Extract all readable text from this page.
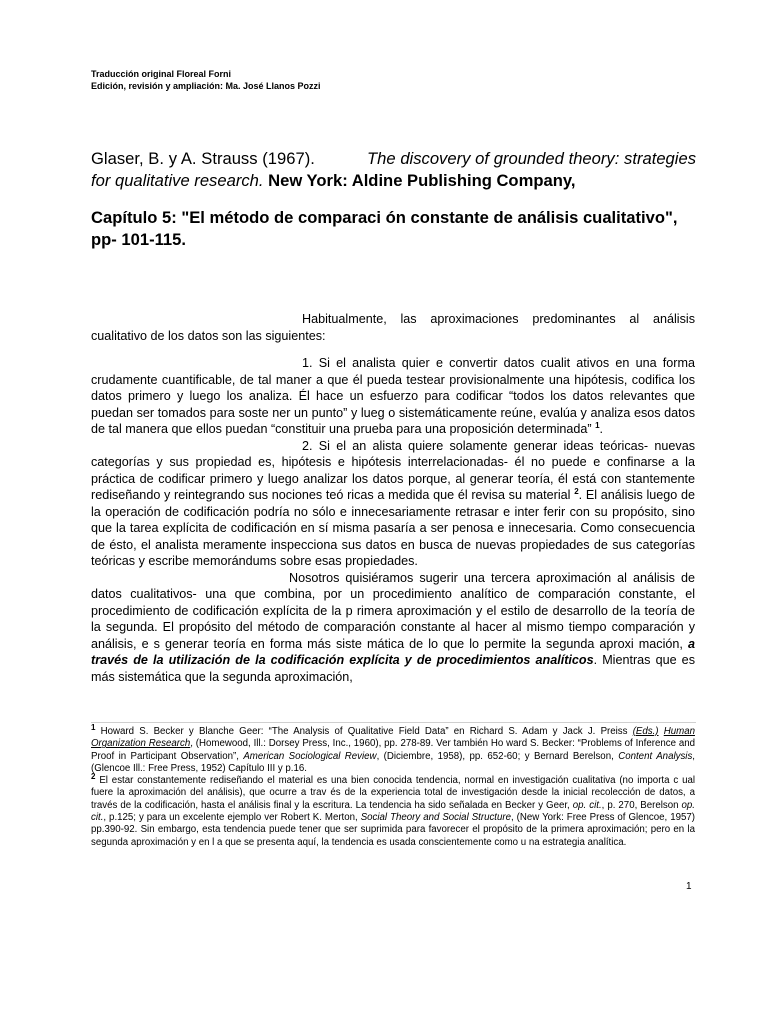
Traducción original Floreal Forni
Edición, revisión y ampliación: Ma. José Llanos Pozzi
Glaser, B. y A. Strauss (1967).	The discovery of grounded theory: strategies for qualitative research. New York: Aldine Publishing Company,
Capítulo 5: "El método de comparaci ón constante de análisis cualitativo",
pp- 101-115.

Habitualmente, las aproximaciones predominantes al análisis cualitativo de los datos son las siguientes:

1. Si el analista quier e convertir datos cualit ativos en una forma crudamente cuantificable, de tal maner a que él pueda testear provisionalmente una hipótesis, codifica los datos primero y luego los analiza. Él hace un esfuerzo para codificar “todos los datos relevantes que puedan ser tomados para soste ner un punto” y lueg o sistemáticamente reúne, evalúa y analiza esos datos de tal manera que ellos puedan “constituir una prueba para una proposición determinada” $^1$.

2. Si el an alista quiere solamente generar ideas teóricas- nuevas categorías y sus propiedad es, hipótesis e hipótesis interrelacionadas- él no puede e confinarse a la práctica de codificar primero y luego analizar los datos porque, al generar teoría, él está con stantemente rediseñando y reintegrando sus nociones teó ricas a medida que él revisa su material $^2$. El análisis luego de la operación de codificación podría no sólo e innecesariamente retrasar e inter ferir con su propósito, sino que la tarea explícita de codificación en sí misma pasaría a ser penosa e innecesaria. Como consecuencia de ésto, el analista meramente inspecciona sus datos en busca de nuevas propiedades de sus categorías teóricas y escribe memorándums sobre esas propiedades.

Nosotros quisiéramos sugerir una tercera aproximación al análisis de datos cualitativos- una que combina, por un procedimiento analítico de comparación constante, el procedimiento de codificación explícita de la p rimera aproximación y el estilo de desarrollo de la teoría de la segunda. El propósito del método de comparación constante al hacer al mismo tiempo comparación y análisis, e s generar teoría en forma más siste mática de lo que lo permite la segunda aproxi mación, a través de la utilización de la codificación explícita y de procedimientos analíticos. Mientras que es más sistemática que la segunda aproximación,

$^1$ Howard S. Becker y Blanche Geer: “The Analysis of Qualitative Field Data” en Richard S. Adam y Jack J. Preiss (Eds.) Human Organization Research, (Homewood, Ill.: Dorsey Press, Inc., 1960), pp. 278-89. Ver también Ho ward S. Becker: “Problems of Inference and Proof in Participant Observation”, American Sociological Review, (Diciembre, 1958), pp. 652-60; y Bernard Berelson, Content Analysis, (Glencoe Ill.: Free Press, 1952) Capítulo III y p.16.

$^2$ El estar constantemente rediseñando el material es una bien conocida tendencia, normal en investigación cualitativa (no importa c ual fuere la aproximación del análisis), que ocurre a trav és de la experiencia total de investigación desde la inicial recolección de datos, a través de la codificación, hasta el análisis final y la escritura. La tendencia ha sido señalada en Becker y Geer, op. cit., p. 270, Berelson op. cit., p.125; y para un excelente ejemplo ver Robert K. Merton, Social Theory and Social Structure, (New York: Free Press of Glencoe, 1957) pp.390-92. Sin embargo, esta tendencia puede tener que ser suprimida para favorecer el propósito de la primera aproximación; pero en la segunda aproximación y en l a que se presenta aquí, la tendencia es usada conscientemente como u na estrategia analítica.

1
